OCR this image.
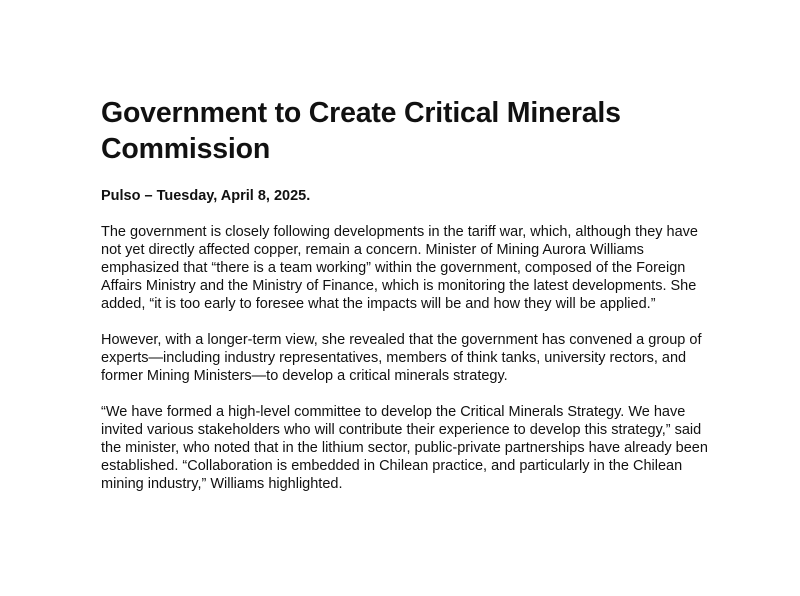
Government to Create Critical Minerals Commission

Pulso – Tuesday, April 8, 2025.

The government is closely following developments in the tariff war, which, although they have not yet directly affected copper, remain a concern. Minister of Mining Aurora Williams emphasized that “there is a team working” within the government, composed of the Foreign Affairs Ministry and the Ministry of Finance, which is monitoring the latest developments. She added, “it is too early to foresee what the impacts will be and how they will be applied.”

However, with a longer-term view, she revealed that the government has convened a group of experts—including industry representatives, members of think tanks, university rectors, and former Mining Ministers—to develop a critical minerals strategy.

“We have formed a high-level committee to develop the Critical Minerals Strategy. We have invited various stakeholders who will contribute their experience to develop this strategy,” said the minister, who noted that in the lithium sector, public-private partnerships have already been established. “Collaboration is embedded in Chilean practice, and particularly in the Chilean mining industry,” Williams highlighted.
